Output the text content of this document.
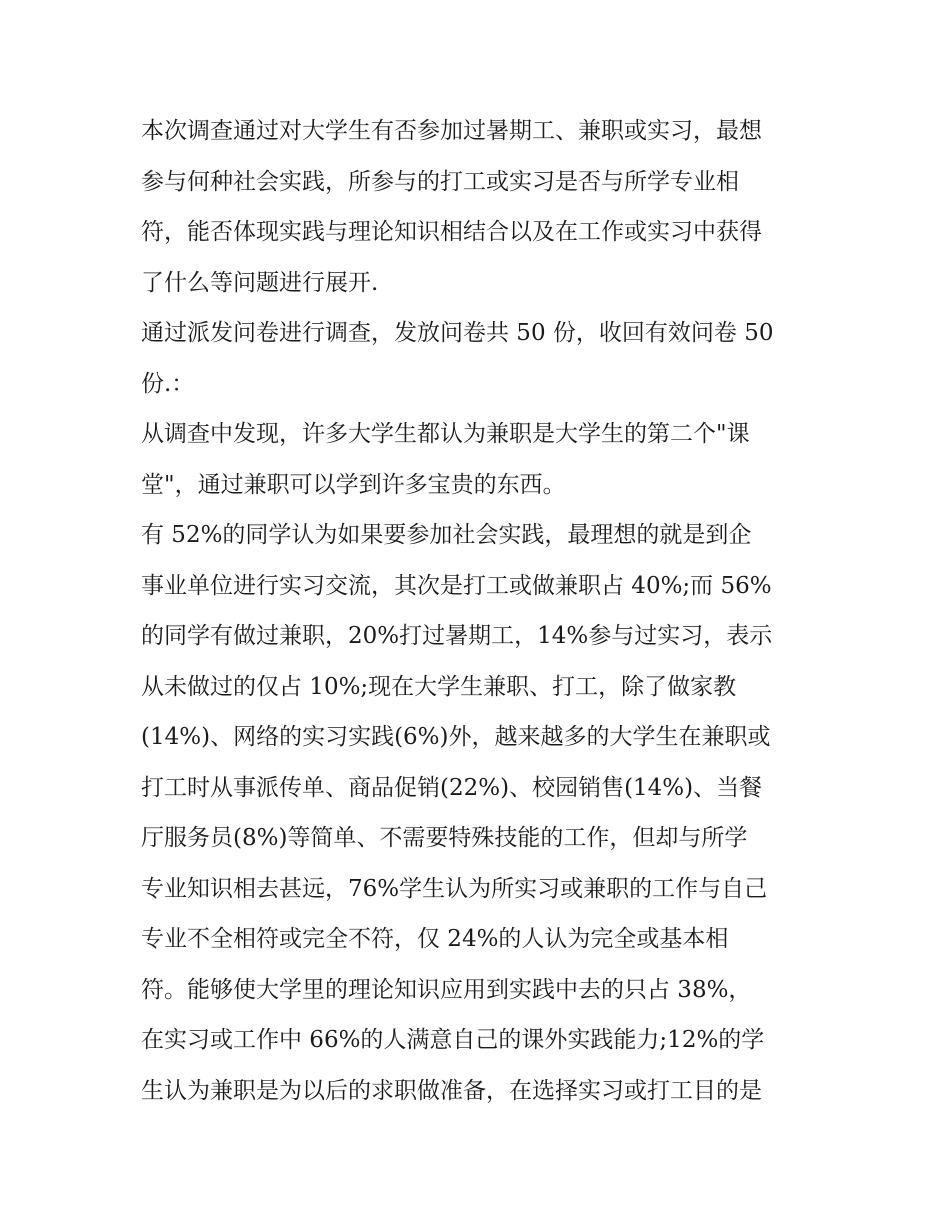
本次调查通过对大学生有否参加过暑期工、兼职或实习，最想
参与何种社会实践，所参与的打工或实习是否与所学专业相
符，能否体现实践与理论知识相结合以及在工作或实习中获得
了什么等问题进行展开.
通过派发问卷进行调查，发放问卷共 50 份，收回有效问卷 50
份.：
从调查中发现，许多大学生都认为兼职是大学生的第二个"课
堂"，通过兼职可以学到许多宝贵的东西。
有 52%的同学认为如果要参加社会实践，最理想的就是到企
事业单位进行实习交流，其次是打工或做兼职占 40%;而 56%
的同学有做过兼职，20%打过暑期工，14%参与过实习，表示
从未做过的仅占 10%;现在大学生兼职、打工，除了做家教
(14%)、网络的实习实践(6%)外，越来越多的大学生在兼职或
打工时从事派传单、商品促销(22%)、校园销售(14%)、当餐
厅服务员(8%)等简单、不需要特殊技能的工作，但却与所学
专业知识相去甚远，76%学生认为所实习或兼职的工作与自己
专业不全相符或完全不符，仅 24%的人认为完全或基本相
符。能够使大学里的理论知识应用到实践中去的只占 38%，
在实习或工作中 66%的人满意自己的课外实践能力;12%的学
生认为兼职是为以后的求职做准备，在选择实习或打工目的是
